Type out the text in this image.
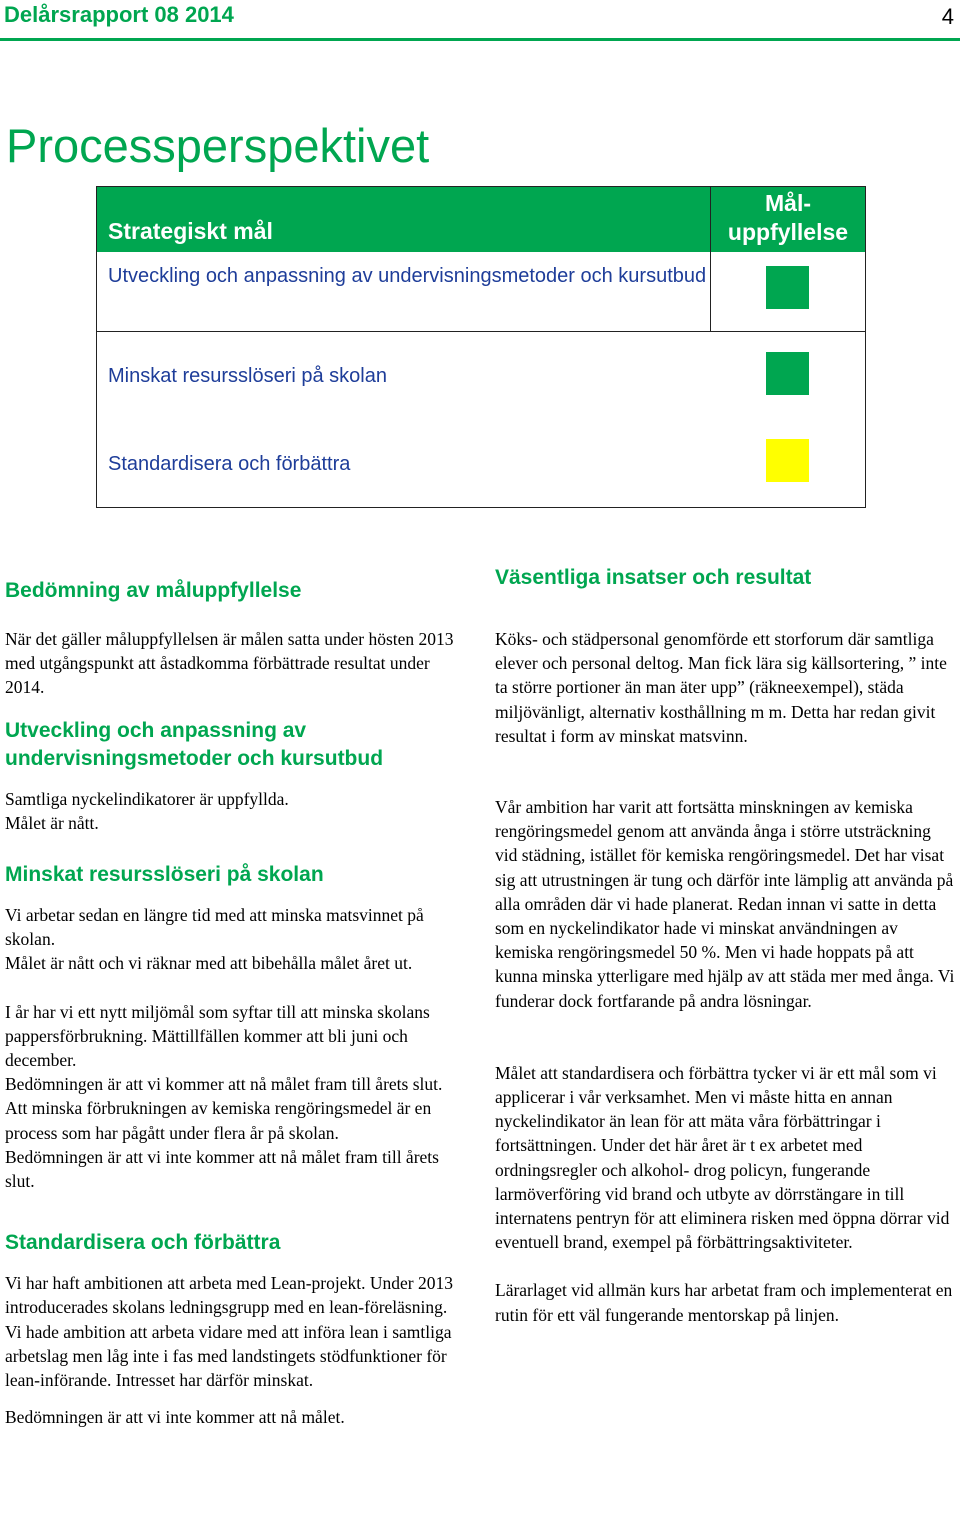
Delårsrapport 08 2014	4
Processperspektivet
Strategiskt mål
Mål-
uppfyllelse
Utveckling och anpassning av undervisningsmetoder och kursutbud
Minskat resursslöseri på skolan
Standardisera och förbättra
Bedömning av måluppfyllelse

När det gäller måluppfyllelsen är målen satta under hösten 2013 med utgångspunkt att åstadkomma förbättrade resultat under 2014.

Utveckling och anpassning av undervisningsmetoder och kursutbud

Samtliga nyckelindikatorer är uppfyllda.

Målet är nått.

Minskat resursslöseri på skolan

Vi arbetar sedan en längre tid med att minska matsvinnet på skolan.

Målet är nått och vi räknar med att bibehålla målet året ut.

I år har vi ett nytt miljömål som syftar till att minska skolans pappersförbrukning. Mättillfällen kommer att bli juni och december.

Bedömningen är att vi kommer att nå målet fram till årets slut.

Att minska förbrukningen av kemiska rengöringsmedel är en process som har pågått under flera år på skolan.

Bedömningen är att vi inte kommer att nå målet fram till årets slut.

Standardisera och förbättra

Vi har haft ambitionen att arbeta med Lean-projekt. Under 2013 introducerades skolans ledningsgrupp med en lean-föreläsning. Vi hade ambition att arbeta vidare med att införa lean i samtliga arbetslag men låg inte i fas med landstingets stödfunktioner för lean-införande. Intresset har därför minskat.

Bedömningen är att vi inte kommer att nå målet.

Väsentliga insatser och resultat

Köks- och städpersonal genomförde ett storforum där samtliga elever och personal deltog. Man fick lära sig källsortering, ” inte ta större portioner än man äter upp” (räkneexempel), städa miljövänligt, alternativ kosthållning m m. Detta har redan givit resultat i form av minskat matsvinn.

Vår ambition har varit att fortsätta minskningen av kemiska rengöringsmedel genom att använda ånga i större utsträckning vid städning, istället för kemiska rengöringsmedel. Det har visat sig att utrustningen är tung och därför inte lämplig att använda på alla områden där vi hade planerat. Redan innan vi satte in detta som en nyckelindikator hade vi minskat användningen av kemiska rengöringsmedel 50 %. Men vi hade hoppats på att kunna minska ytterligare med hjälp av att städa mer med ånga. Vi funderar dock fortfarande på andra lösningar.

Målet att standardisera och förbättra tycker vi är ett mål som vi applicerar i vår verksamhet. Men vi måste hitta en annan nyckelindikator än lean för att mäta våra förbättringar i fortsättningen. Under det här året är t ex arbetet med ordningsregler och alkohol- drog policyn, fungerande larmöverföring vid brand och utbyte av dörrstängare in till internatens pentryn för att eliminera risken med öppna dörrar vid eventuell brand, exempel på förbättringsaktiviteter.

Lärarlaget vid allmän kurs har arbetat fram och implementerat en rutin för ett väl fungerande mentorskap på linjen.
